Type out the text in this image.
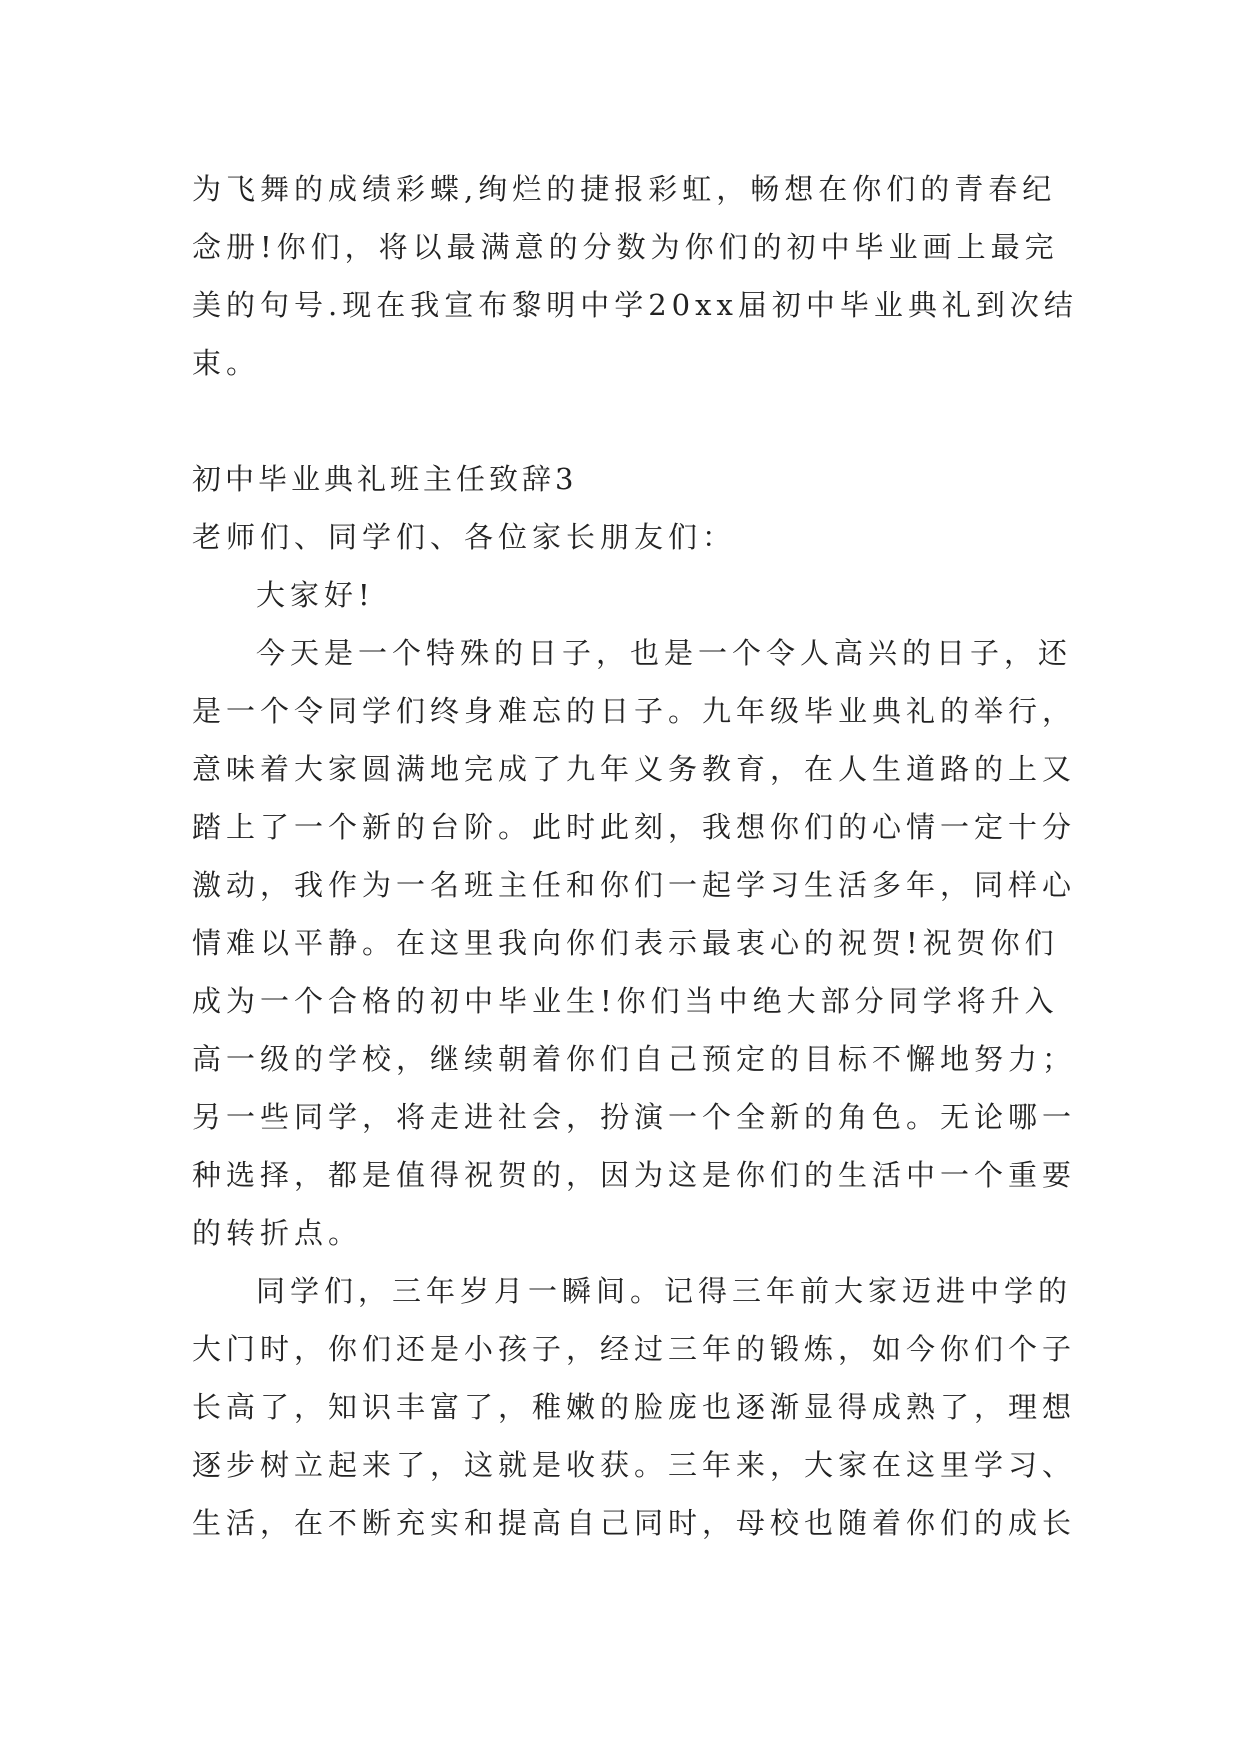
为飞舞的成绩彩蝶,绚烂的捷报彩虹，畅想在你们的青春纪
念册!你们，将以最满意的分数为你们的初中毕业画上最完
美的句号.现在我宣布黎明中学20xx届初中毕业典礼到次结
束。
初中毕业典礼班主任致辞3
老师们、同学们、各位家长朋友们：
大家好!
今天是一个特殊的日子，也是一个令人高兴的日子，还
是一个令同学们终身难忘的日子。九年级毕业典礼的举行，
意味着大家圆满地完成了九年义务教育，在人生道路的上又
踏上了一个新的台阶。此时此刻，我想你们的心情一定十分
激动，我作为一名班主任和你们一起学习生活多年，同样心
情难以平静。在这里我向你们表示最衷心的祝贺!祝贺你们
成为一个合格的初中毕业生!你们当中绝大部分同学将升入
高一级的学校，继续朝着你们自己预定的目标不懈地努力；
另一些同学，将走进社会，扮演一个全新的角色。无论哪一
种选择，都是值得祝贺的，因为这是你们的生活中一个重要
的转折点。
同学们，三年岁月一瞬间。记得三年前大家迈进中学的
大门时，你们还是小孩子，经过三年的锻炼，如今你们个子
长高了，知识丰富了，稚嫩的脸庞也逐渐显得成熟了，理想
逐步树立起来了，这就是收获。三年来，大家在这里学习、
生活，在不断充实和提高自己同时，母校也随着你们的成长
